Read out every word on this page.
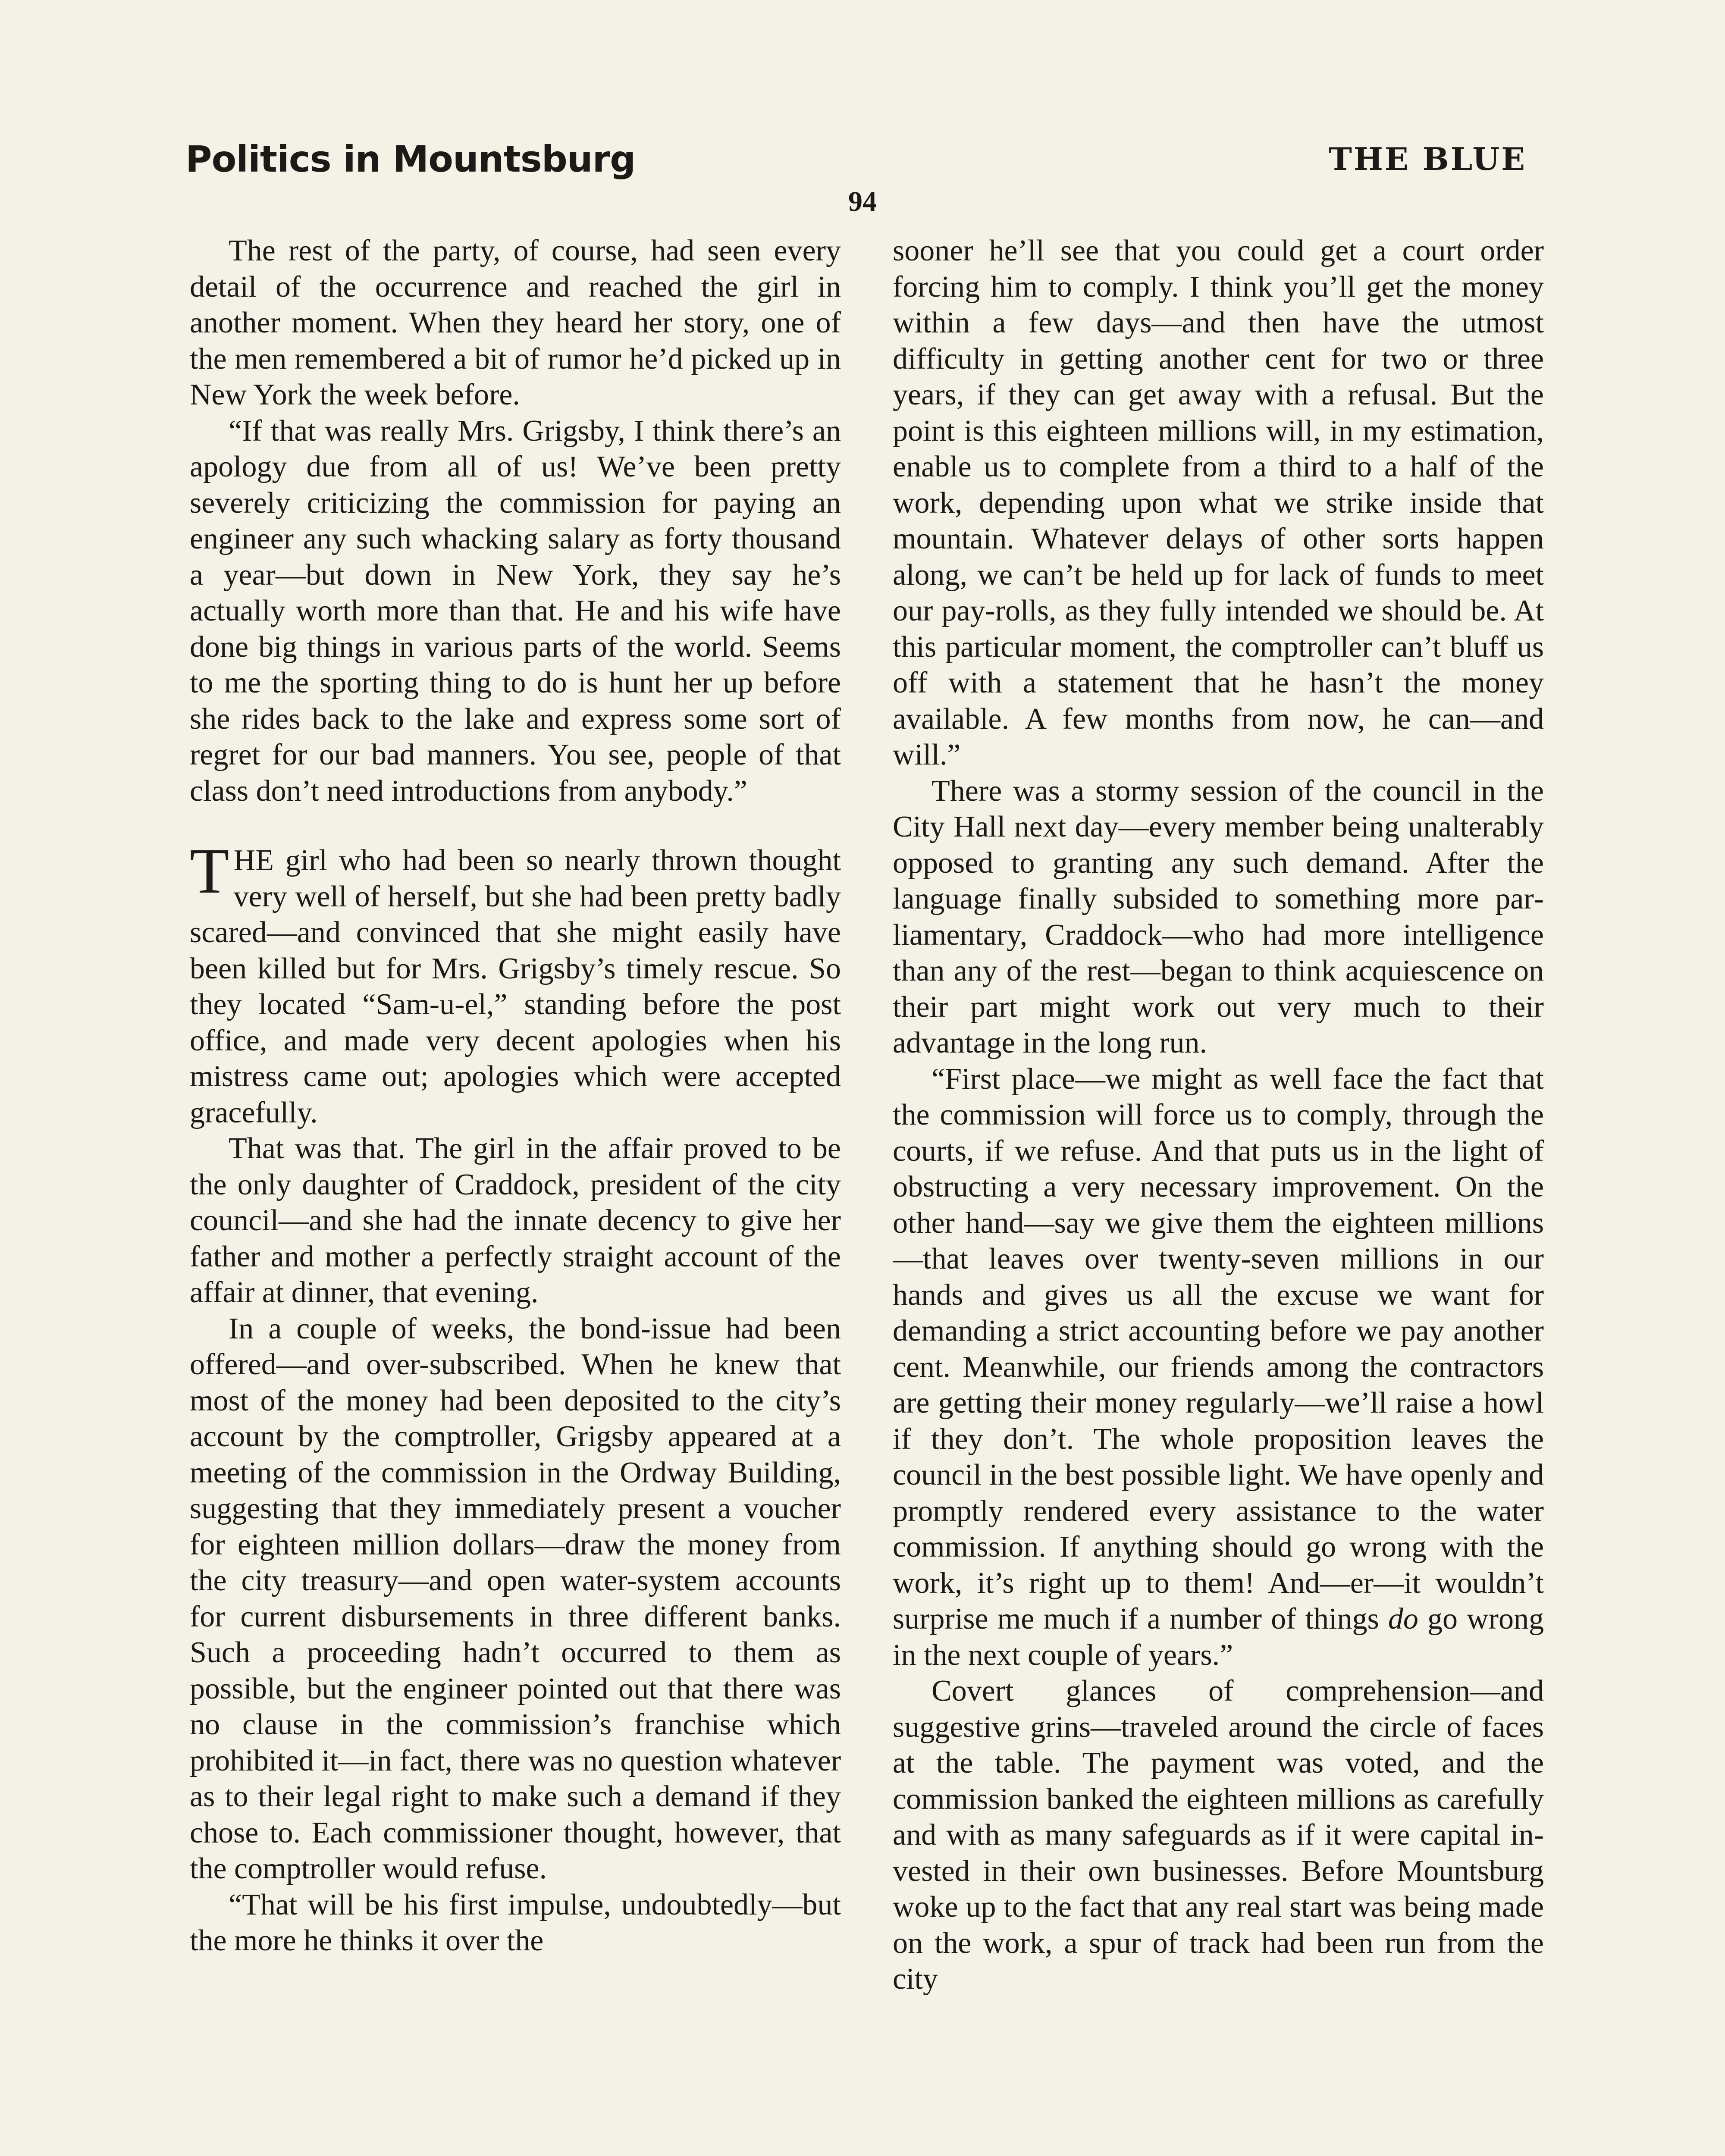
Politics in Mountsburg	THE BLUE
94

The rest of the party, of course, had seen every detail of the occurrence and reached the girl in another moment. When they heard her story, one of the men remembered a bit of rumor he’d picked up in New York the week before.

“If that was really Mrs. Grigsby, I think there’s an apology due from all of us! We’ve been pretty severely criticizing the commission for paying an engineer any such whacking salary as forty thousand a year—but down in New York, they say he’s actually worth more than that. He and his wife have done big things in various parts of the world. Seems to me the sporting thing to do is hunt her up before she rides back to the lake and express some sort of regret for our bad manners. You see, people of that class don’t need introductions from anybody.”

THE girl who had been so nearly thrown thought very well of herself, but she had been pretty badly scared—and convinced that she might easily have been killed but for Mrs. Grigsby’s timely rescue. So they located “Sam-u-el,” standing before the post office, and made very decent apologies when his mistress came out; apologies which were accepted gracefully.

That was that. The girl in the affair proved to be the only daughter of Craddock, president of the city council—and she had the innate decency to give her father and mother a perfectly straight account of the affair at dinner, that evening.

In a couple of weeks, the bond-issue had been offered—and over-subscribed. When he knew that most of the money had been deposited to the city’s account by the comptroller, Grigsby appeared at a meeting of the commission in the Ordway Building, suggesting that they immediately present a voucher for eighteen million dollars—draw the money from the city treasury—and open water-system accounts for current disbursements in three different banks. Such a proceeding hadn’t occurred to them as possible, but the engineer pointed out that there was no clause in the commission’s franchise which prohibited it—in fact, there was no question whatever as to their legal right to make such a demand if they chose to. Each commissioner thought, however, that the comptroller would refuse.

“That will be his first impulse, undoubtedly—but the more he thinks it over the

sooner he’ll see that you could get a court order forcing him to comply. I think you’ll get the money within a few days—and then have the utmost difficulty in getting another cent for two or three years, if they can get away with a refusal. But the point is this eighteen millions will, in my estimation, enable us to complete from a third to a half of the work, depending upon what we strike inside that mountain. Whatever delays of other sorts happen along, we can’t be held up for lack of funds to meet our pay-rolls, as they fully intended we should be. At this particular moment, the comptroller can’t bluff us off with a statement that he hasn’t the money available. A few months from now, he can—and will.”

There was a stormy session of the council in the City Hall next day—every member being unalterably opposed to granting any such demand. After the language finally subsided to something more parliamentary, Craddock—who had more intelligence than any of the rest—began to think acquiescence on their part might work out very much to their advantage in the long run.

“First place—we might as well face the fact that the commission will force us to comply, through the courts, if we refuse. And that puts us in the light of obstructing a very necessary improvement. On the other hand—say we give them the eighteen millions—that leaves over twenty-seven millions in our hands and gives us all the excuse we want for demanding a strict accounting before we pay another cent. Meanwhile, our friends among the contractors are getting their money regularly—we’ll raise a howl if they don’t. The whole proposition leaves the council in the best possible light. We have openly and promptly rendered every assistance to the water commission. If anything should go wrong with the work, it’s right up to them! And—er—it wouldn’t surprise me much if a number of things do go wrong in the next couple of years.”

Covert glances of comprehension—and suggestive grins—traveled around the circle of faces at the table. The payment was voted, and the commission banked the eighteen millions as carefully and with as many safeguards as if it were capital invested in their own businesses. Before Mountsburg woke up to the fact that any real start was being made on the work, a spur of track had been run from the city
